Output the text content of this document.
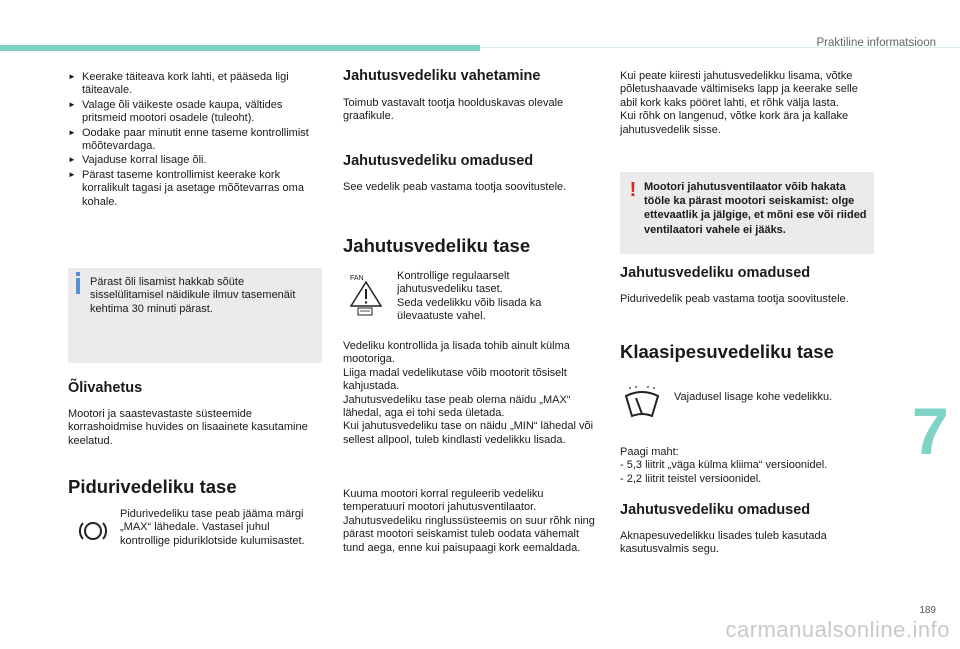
Praktiline informatsioon

► Keerake täiteava kork lahti, et pääseda ligi täiteavale.

► Valage õli väikeste osade kaupa, vältides pritsmeid mootori osadele (tuleoht).

► Oodake paar minutit enne taseme kontrollimist mõõtevardaga.

► Vajaduse korral lisage õli.

► Pärast taseme kontrollimist keerake kork korralikult tagasi ja asetage mõõtevarras oma kohale.

Pärast õli lisamist hakkab sõüte sisselülitamisel näidikule ilmuv tasemenäit kehtima 30 minuti pärast.
Õlivahetus

Mootori ja saastevastaste süsteemide korrashoidmise huvides on lisaainete kasutamine keelatud.

Pidurivedeliku tase

Pidurivedeliku tase peab jääma märgi „MAX“ lähedale. Vastasel juhul kontrollige piduriklotside kulumisastet.

Jahutusvedeliku vahetamine

Toimub vastavalt tootja hoolduskavas olevale graafikule.

Jahutusvedeliku omadused

See vedelik peab vastama tootja soovitustele.

Jahutusvedeliku tase
FAN	Kontrollige regulaarselt jahutusvedeliku taset.
Seda vedelikku võib lisada ka ülevaatuste vahel.

Vedeliku kontrollida ja lisada tohib ainult külma mootoriga.
Liiga madal vedelikutase võib mootorit tõsiselt kahjustada.
Jahutusvedeliku tase peab olema näidu „MAX“ lähedal, aga ei tohi seda ületada.
Kui jahutusvedeliku tase on näidu „MIN“ lähedal või sellest allpool, tuleb kindlasti vedelikku lisada.

Kuuma mootori korral reguleerib vedeliku temperatuuri mootori jahutusventilaator. Jahutusvedeliku ringlussüsteemis on suur rõhk ning pärast mootori seiskamist tuleb oodata vähemalt tund aega, enne kui paisupaagi kork eemaldada.

Kui peate kiiresti jahutusvedelikku lisama, võtke põletushaavade vältimiseks lapp ja keerake selle abil kork kaks pööret lahti, et rõhk välja lasta.
Kui rõhk on langenud, võtke kork ära ja kallake jahutusvedelik sisse.

! Mootori jahutusventilaator võib hakata tööle ka pärast mootori seiskamist: olge ettevaatlik ja jälgige, et mõni ese või riided ventilaatori vahele ei jääks.
Jahutusvedeliku omadused

Pidurivedelik peab vastama tootja soovitustele.

Klaasipesuvedeliku tase

Vajadusel lisage kohe vedelikku.

Paagi maht:
- 5,3 liitrit „väga külma kliima“ versioonidel.
- 2,2 liitrit teistel versioonidel.

Jahutusvedeliku omadused

Aknapesuvedelikku lisades tuleb kasutada kasutusvalmis segu.

7
189
carmanualsonline.info
